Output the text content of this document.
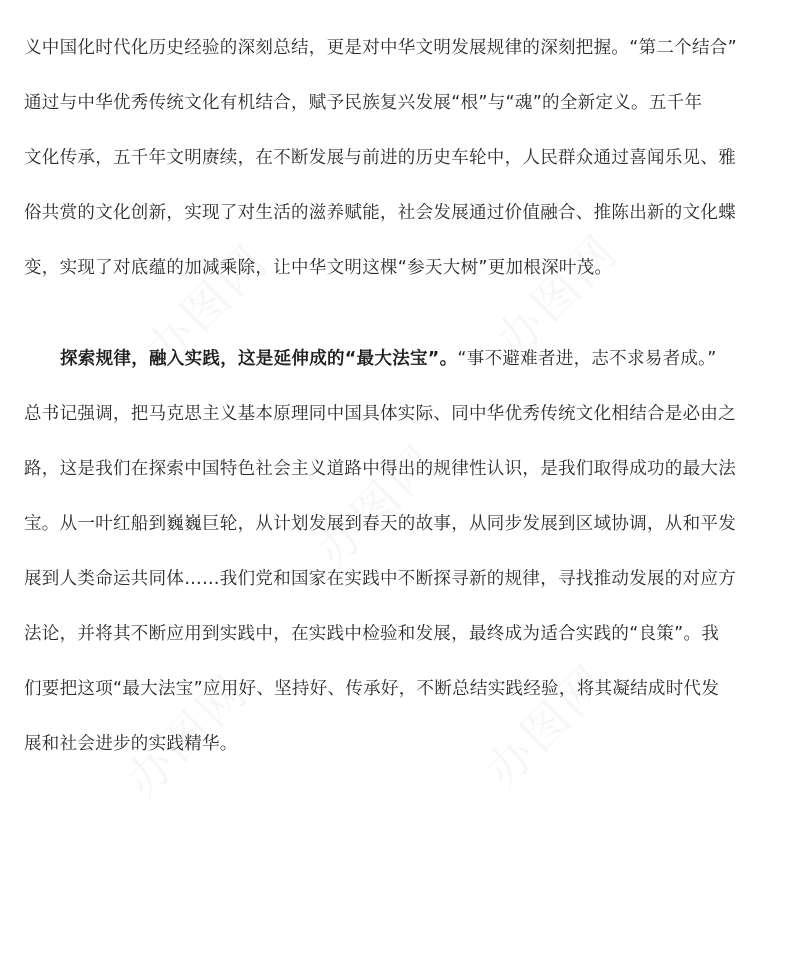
义中国化时代化历史经验的深刻总结，更是对中华文明发展规律的深刻把握。“第二个结合”
通过与中华优秀传统文化有机结合，赋予民族复兴发展“根”与“魂”的全新定义。五千年
文化传承，五千年文明赓续，在不断发展与前进的历史车轮中，人民群众通过喜闻乐见、雅
俗共赏的文化创新，实现了对生活的滋养赋能，社会发展通过价值融合、推陈出新的文化蝶
变，实现了对底蕴的加减乘除，让中华文明这棵“参天大树”更加根深叶茂。
探索规律，融入实践，这是延伸成的“最大法宝”。“事不避难者进，志不求易者成。”
总书记强调，把马克思主义基本原理同中国具体实际、同中华优秀传统文化相结合是必由之
路，这是我们在探索中国特色社会主义道路中得出的规律性认识，是我们取得成功的最大法
宝。从一叶红船到巍巍巨轮，从计划发展到春天的故事，从同步发展到区域协调，从和平发
展到人类命运共同体……我们党和国家在实践中不断探寻新的规律，寻找推动发展的对应方
法论，并将其不断应用到实践中，在实践中检验和发展，最终成为适合实践的“良策”。我
们要把这项“最大法宝”应用好、坚持好、传承好，不断总结实践经验，将其凝结成时代发
展和社会进步的实践精华。
